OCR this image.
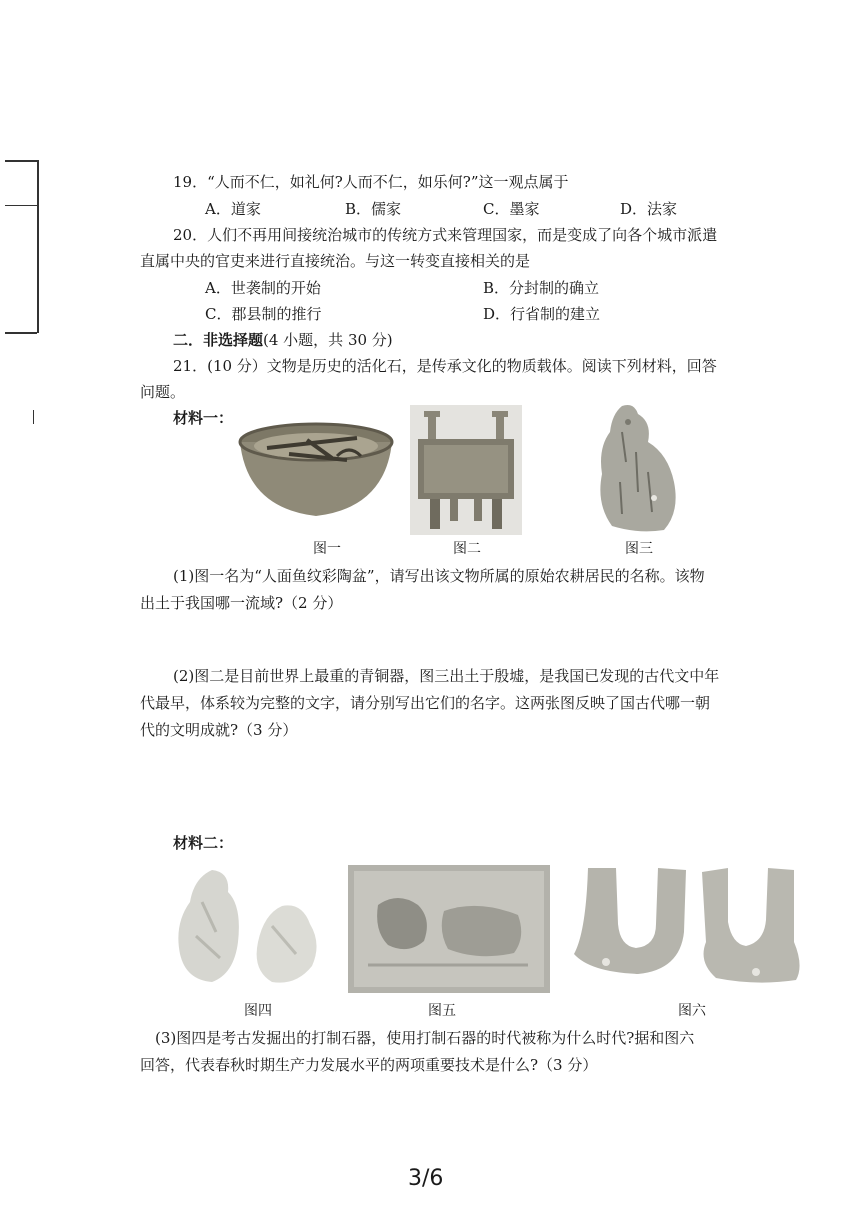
19．“人而不仁，如礼何?人而不仁，如乐何?”这一观点属于
A．道家	B．儒家	C．墨家	D．法家
20．人们不再用间接统治城市的传统方式来管理国家，而是变成了向各个城市派遣
直属中央的官吏来进行直接统治。与这一转变直接相关的是
A．世袭制的开始	B．分封制的确立
C．郡县制的推行	D．行省制的建立
二．非选择题(4 小题，共 30 分)
21．(10 分）文物是历史的活化石，是传承文化的物质载体。阅读下列材料，回答
问题。
材料一：
图一	图二	图三
(1)图一名为“人面鱼纹彩陶盆”，请写出该文物所属的原始农耕居民的名称。该物
出土于我国哪一流域?（2 分）
(2)图二是目前世界上最重的青铜器，图三出土于殷墟，是我国已发现的古代文中年
代最早，体系较为完整的文字，请分别写出它们的名字。这两张图反映了国古代哪一朝
代的文明成就?（3 分）
材料二：
图四	图五	图六
(3)图四是考古发掘出的打制石器，使用打制石器的时代被称为什么时代?据和图六
回答，代表春秋时期生产力发展水平的两项重要技术是什么?（3 分）
3/6
